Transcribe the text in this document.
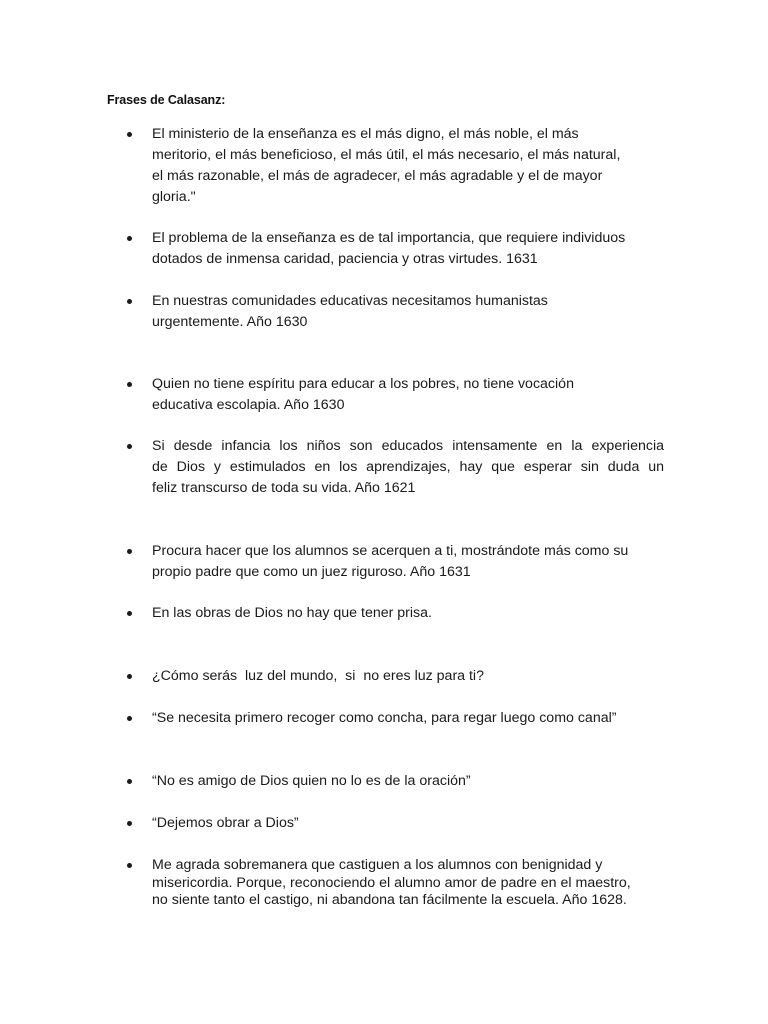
Frases de Calasanz:
El ministerio de la enseñanza es el más digno, el más noble, el más
meritorio, el más beneficioso, el más útil, el más necesario, el más natural,
el más razonable, el más de agradecer, el más agradable y el de mayor
gloria."
El problema de la enseñanza es de tal importancia, que requiere individuos
dotados de inmensa caridad, paciencia y otras virtudes. 1631
En nuestras comunidades educativas necesitamos humanistas
urgentemente. Año 1630
Quien no tiene espíritu para educar a los pobres, no tiene vocación
educativa escolapia. Año 1630
Si desde infancia los niños son educados intensamente en la experiencia
de Dios y estimulados en los aprendizajes, hay que esperar sin duda un
feliz transcurso de toda su vida. Año 1621
Procura hacer que los alumnos se acerquen a ti, mostrándote más como su
propio padre que como un juez riguroso. Año 1631
En las obras de Dios no hay que tener prisa.
¿Cómo serás  luz del mundo,  si  no eres luz para ti?
“Se necesita primero recoger como concha, para regar luego como canal”
“No es amigo de Dios quien no lo es de la oración”
“Dejemos obrar a Dios”
Me agrada sobremanera que castiguen a los alumnos con benignidad y
misericordia. Porque, reconociendo el alumno amor de padre en el maestro,
no siente tanto el castigo, ni abandona tan fácilmente la escuela. Año 1628.
